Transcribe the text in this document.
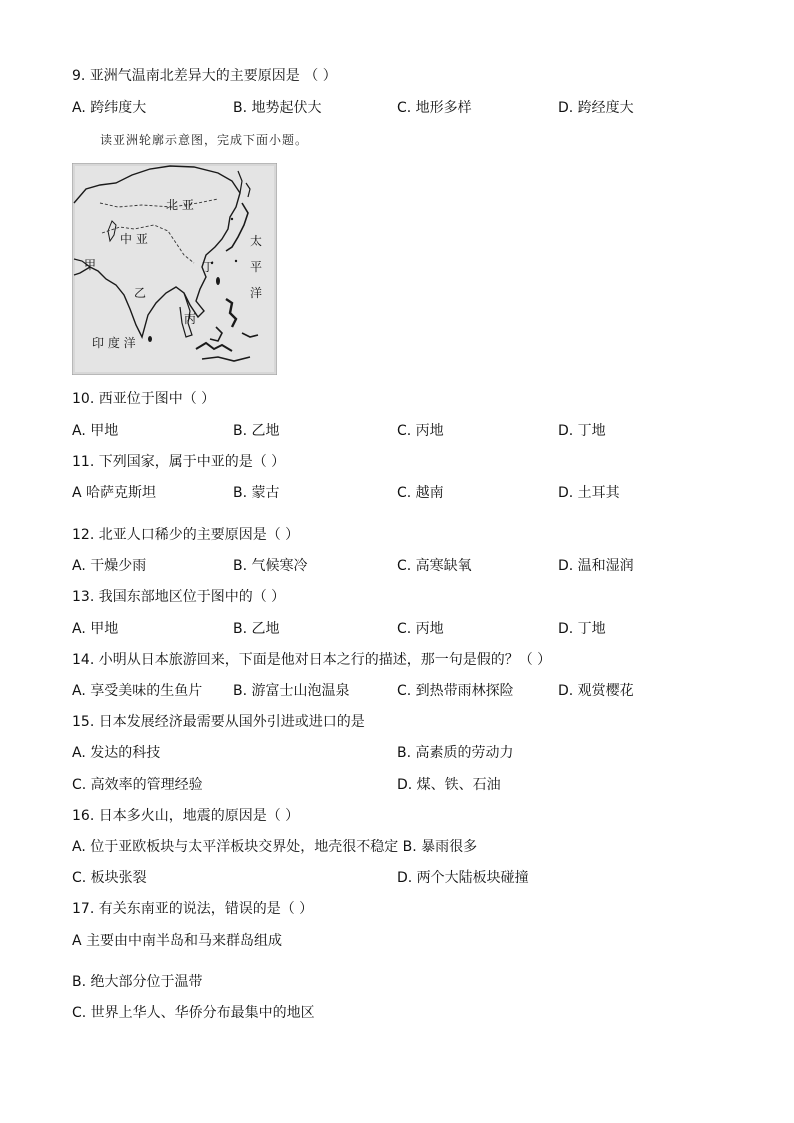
9. 亚洲气温南北差异大的主要原因是 （ ）
A. 跨纬度大	B. 地势起伏大	C. 地形多样	D. 跨经度大
读亚洲轮廓示意图，完成下面小题。
北 亚
中 亚
甲
乙
丙
丁
太
平
洋
印 度 洋
10. 西亚位于图中（ ）
A. 甲地	B. 乙地	C. 丙地	D. 丁地
11. 下列国家，属于中亚的是（ ）
A 哈萨克斯坦	B. 蒙古	C. 越南	D. 土耳其
12. 北亚人口稀少的主要原因是（ ）
A. 干燥少雨	B. 气候寒冷	C. 高寒缺氧	D. 温和湿润
13. 我国东部地区位于图中的（ ）
A. 甲地	B. 乙地	C. 丙地	D. 丁地
14. 小明从日本旅游回来，下面是他对日本之行的描述，那一句是假的？（ ）
A. 享受美味的生鱼片 B. 游富士山泡温泉	C. 到热带雨林探险	D. 观赏樱花
15. 日本发展经济最需要从国外引进或进口的是
A. 发达的科技	B. 高素质的劳动力
C. 高效率的管理经验	D. 煤、铁、石油
16. 日本多火山，地震的原因是（ ）
A. 位于亚欧板块与太平洋板块交界处，地壳很不稳定 B. 暴雨很多
C. 板块张裂	D. 两个大陆板块碰撞
17. 有关东南亚的说法，错误的是（ ）
A 主要由中南半岛和马来群岛组成
B. 绝大部分位于温带
C. 世界上华人、华侨分布最集中的地区
